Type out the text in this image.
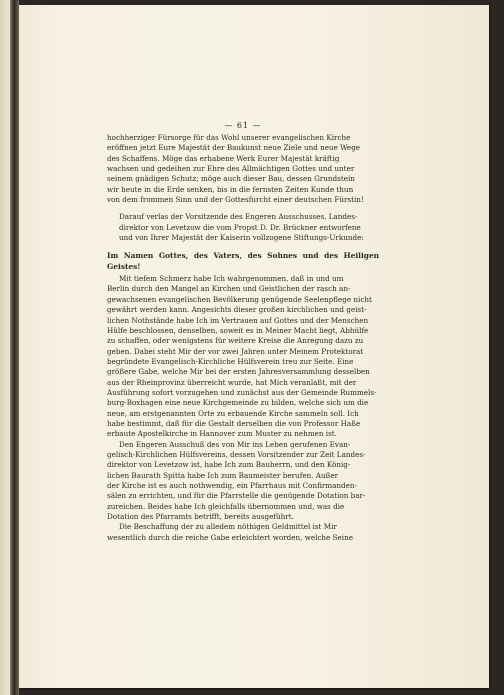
— 61 —
hochherziger Fürsorge für das Wohl unserer evangelischen Kirche
eröffnen jetzt Eure Majestät der Baukunst neue Ziele und neue Wege
des Schaffens. Möge das erhabene Werk Eurer Majestät kräftig
wachsen und gedeihen zur Ehre des Allmächtigen Gottes und unter
seinem gnädigen Schutz; möge auch dieser Bau, dessen Grundstein
wir heute in die Erde senken, bis in die fernsten Zeiten Kunde thun
von dem frommen Sinn und der Gottesfurcht einer deutschen Fürstin!
Darauf verlas der Vorsitzende des Engeren Ausschusses, Landes-
direktor von Levetzow die vom Propst D. Dr. Brückner entworfene
und von Ihrer Majestät der Kaiserin vollzogene Stiftungs-Urkunde:
Im Namen Gottes, des Vaters, des Sohnes und des Heiligen Geistes!
Mit tiefem Schmerz habe Ich wahrgenommen, daß in und um
Berlin durch den Mangel an Kirchen und Geistlichen der rasch an-
gewachsenen evangelischen Bevölkerung genügende Seelenpflege nicht
gewährt werden kann. Angesichts dieser großen kirchlichen und geist-
lichen Nothstände habe Ich im Vertrauen auf Gottes und der Menschen
Hülfe beschlossen, denselben, soweit es in Meiner Macht liegt, Abhülfe
zu schaffen, oder wenigstens für weitere Kreise die Anregung dazu zu
geben. Dabei steht Mir der vor zwei Jahren unter Meinem Protektorat
begründete Evangelisch-Kirchliche Hülfsverein treu zur Seite. Eine
größere Gabe, welche Mir bei der ersten Jahresversammlung desselben
aus der Rheinprovinz überreicht wurde, hat Mich veranlaßt, mit der
Ausführung sofort vorzugehen und zunächst aus der Gemeinde Rummels-
burg-Boxhagen eine neue Kirchgemeinde zu bilden, welche sich um die
neue, am erstgenannten Orte zu erbauende Kirche sammeln soll. Ich
habe bestimmt, daß für die Gestalt derselben die von Professor Haße
erbaute Apostelkirche in Hannover zum Muster zu nehmen ist.
Den Engeren Ausschuß des von Mir ins Leben gerufenen Evan-
gelisch-Kirchlichen Hülfsvereins, dessen Vorsitzender zur Zeit Landes-
direktor von Levetzow ist, habe Ich zum Bauherrn, und den König-
lichen Baurath Spitta habe Ich zum Baumeister berufen. Außer
der Kirche ist es auch nothwendig, ein Pfarrhaus mit Confirmanden-
sälen zu errichten, und für die Pfarrstelle die genügende Dotation bar-
zureichen. Beides habe Ich gleichfalls übernommen und, was die
Dotation des Pfarramts betrifft, bereits ausgeführt.
Die Beschaffung der zu alledem nöthigen Geldmittel ist Mir
wesentlich durch die reiche Gabe erleichtert worden, welche Seine
